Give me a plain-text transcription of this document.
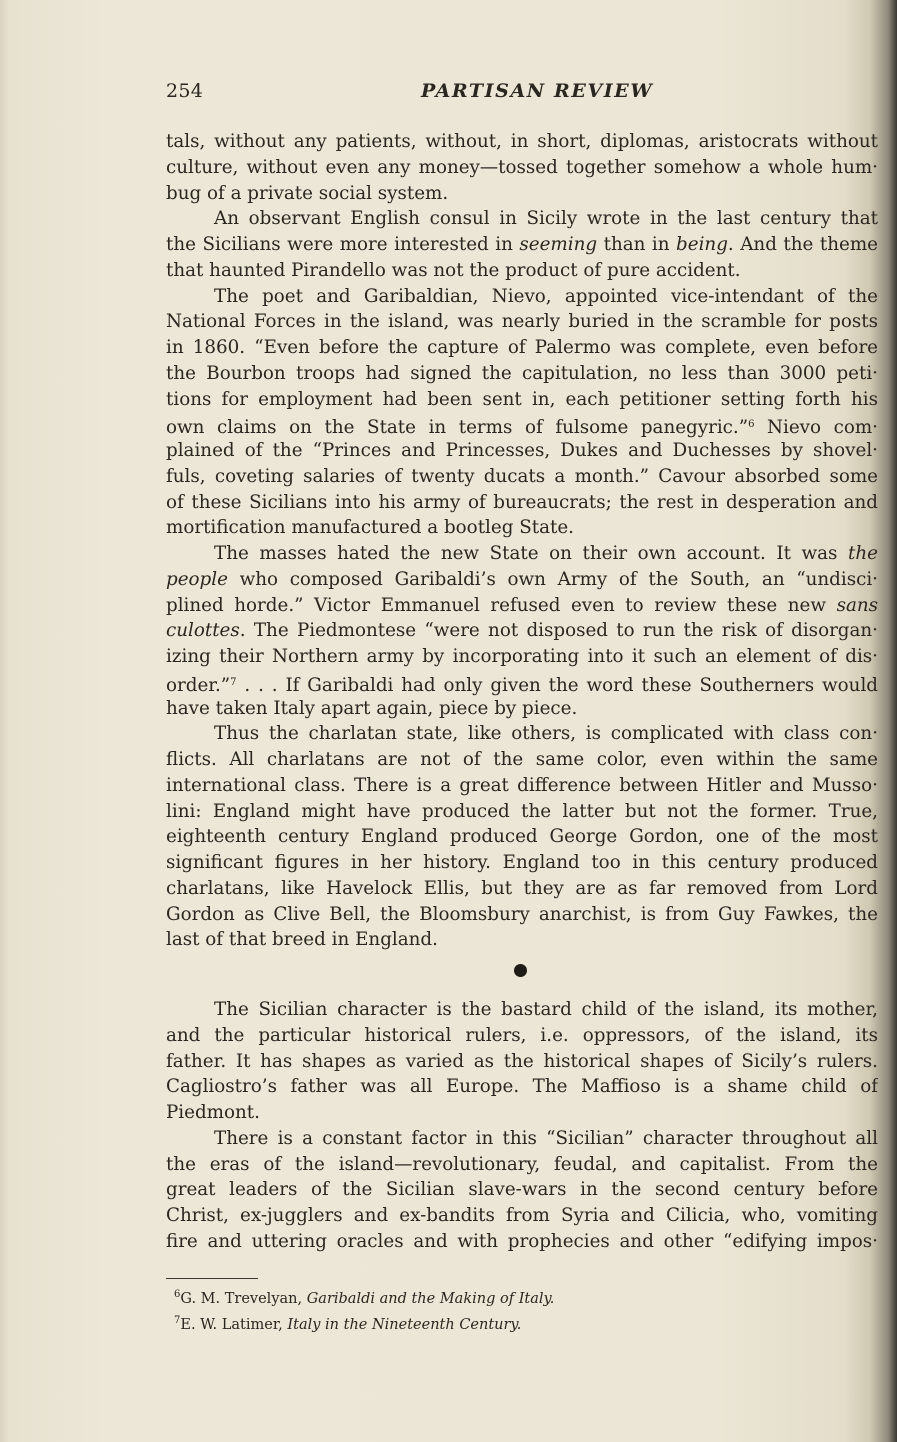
254	PARTISAN REVIEW
tals, without any patients, without, in short, diplomas, aristocrats without
culture, without even any money—tossed together somehow a whole hum·
bug of a private social system.
An observant English consul in Sicily wrote in the last century that
the Sicilians were more interested in seeming than in being. And the theme
that haunted Pirandello was not the product of pure accident.
The poet and Garibaldian, Nievo, appointed vice-intendant of the
National Forces in the island, was nearly buried in the scramble for posts
in 1860. “Even before the capture of Palermo was complete, even before
the Bourbon troops had signed the capitulation, no less than 3000 peti·
tions for employment had been sent in, each petitioner setting forth his
own claims on the State in terms of fulsome panegyric.”$^6$ Nievo com·
plained of the “Princes and Princesses, Dukes and Duchesses by shovel·
fuls, coveting salaries of twenty ducats a month.” Cavour absorbed some
of these Sicilians into his army of bureaucrats; the rest in desperation and
mortification manufactured a bootleg State.
The masses hated the new State on their own account. It was the
people who composed Garibaldi’s own Army of the South, an “undisci·
plined horde.” Victor Emmanuel refused even to review these new sans
culottes. The Piedmontese “were not disposed to run the risk of disorgan·
izing their Northern army by incorporating into it such an element of dis·
order.”$^7$ . . . If Garibaldi had only given the word these Southerners would
have taken Italy apart again, piece by piece.
Thus the charlatan state, like others, is complicated with class con·
flicts. All charlatans are not of the same color, even within the same
international class. There is a great difference between Hitler and Musso·
lini: England might have produced the latter but not the former. True,
eighteenth century England produced George Gordon, one of the most
significant figures in her history. England too in this century produced
charlatans, like Havelock Ellis, but they are as far removed from Lord
Gordon as Clive Bell, the Bloomsbury anarchist, is from Guy Fawkes, the
last of that breed in England.
The Sicilian character is the bastard child of the island, its mother,
and the particular historical rulers, i.e. oppressors, of the island, its
father. It has shapes as varied as the historical shapes of Sicily’s rulers.
Cagliostro’s father was all Europe. The Maffioso is a shame child of
Piedmont.
There is a constant factor in this “Sicilian” character throughout all
the eras of the island—revolutionary, feudal, and capitalist. From the
great leaders of the Sicilian slave-wars in the second century before
Christ, ex-jugglers and ex-bandits from Syria and Cilicia, who, vomiting
fire and uttering oracles and with prophecies and other “edifying impos·
$^6$G. M. Trevelyan, Garibaldi and the Making of Italy.
$^7$E. W. Latimer, Italy in the Nineteenth Century.
